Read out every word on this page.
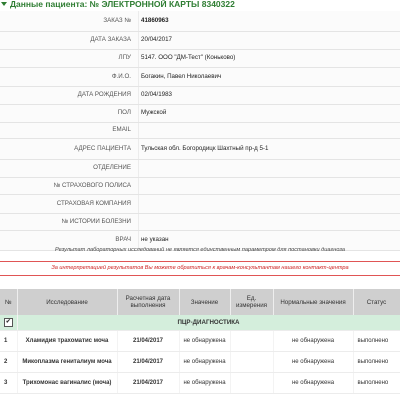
Данные пациента: № ЭЛЕКТРОННОЙ КАРТЫ 8340322
ЗАКАЗ №	41860963
ДАТА ЗАКАЗА	20/04/2017
ЛПУ	5147. ООО "ДМ-Тест" (Коньково)
Ф.И.О.	Богакин, Павел Николаевич
ДАТА РОЖДЕНИЯ	02/04/1983
ПОЛ	Мужской
EMAIL
АДРЕС ПАЦИЕНТА	Тульская обл. Богородицк Шахтный пр-д 5-1
ОТДЕЛЕНИЕ
№ СТРАХОВОГО ПОЛИСА
СТРАХОВАЯ КОМПАНИЯ
№ ИСТОРИИ БОЛЕЗНИ
ВРАЧ	не указан
Результат лабораторных исследований не является единственным параметром для постановки диагноза
За интерпретацией результатов Вы можете обратиться к врачам-консультантам нашего контакт-центра
№	Исследование	Расчетная дата выполнения	Значение	Ед. измерения	Нормальные значения	Статус
✔	ПЦР-ДИАГНОСТИКА					
1	Хламидия трахоматис моча	21/04/2017	не обнаружена		не обнаружена	выполнено
2	Микоплазма гениталиум моча	21/04/2017	не обнаружена		не обнаружена	выполнено
3	Трихомонас вагиналис (моча)	21/04/2017	не обнаружена		не обнаружена	выполнено
